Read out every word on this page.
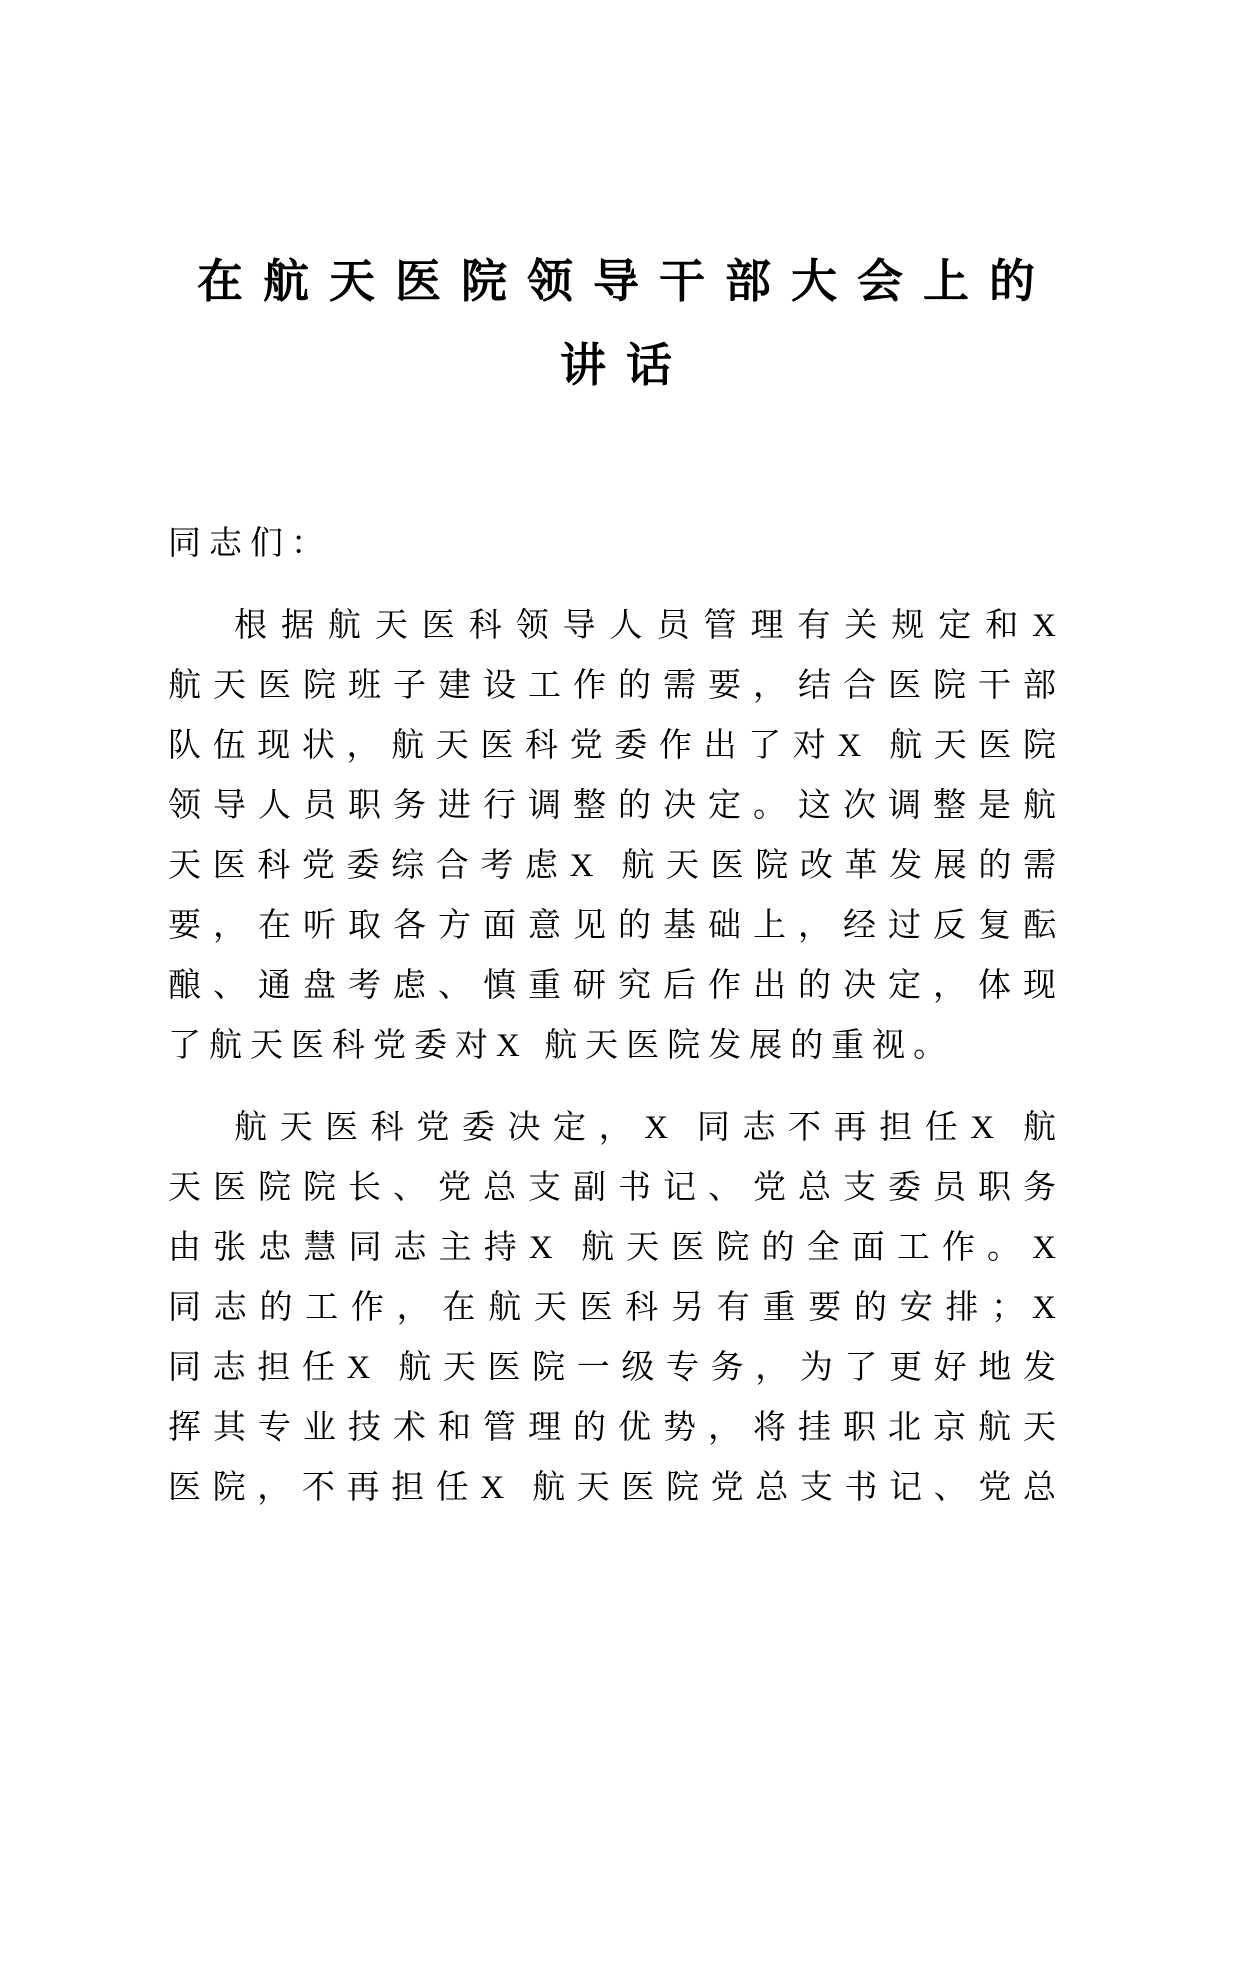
在航天医院领导干部大会上的
讲话
同志们：
根据航天医科领导人员管理有关规定和X
航天医院班子建设工作的需要，结合医院干部
队伍现状，航天医科党委作出了对X 航天医院
领导人员职务进行调整的决定。这次调整是航
天医科党委综合考虑X 航天医院改革发展的需
要，在听取各方面意见的基础上，经过反复酝
酿、通盘考虑、慎重研究后作出的决定，体现
了航天医科党委对X 航天医院发展的重视。
航天医科党委决定，X 同志不再担任X 航
天医院院长、党总支副书记、党总支委员职务
由张忠慧同志主持X 航天医院的全面工作。X
同志的工作，在航天医科另有重要的安排；X
同志担任X 航天医院一级专务，为了更好地发
挥其专业技术和管理的优势，将挂职北京航天
医院，不再担任X 航天医院党总支书记、党总
